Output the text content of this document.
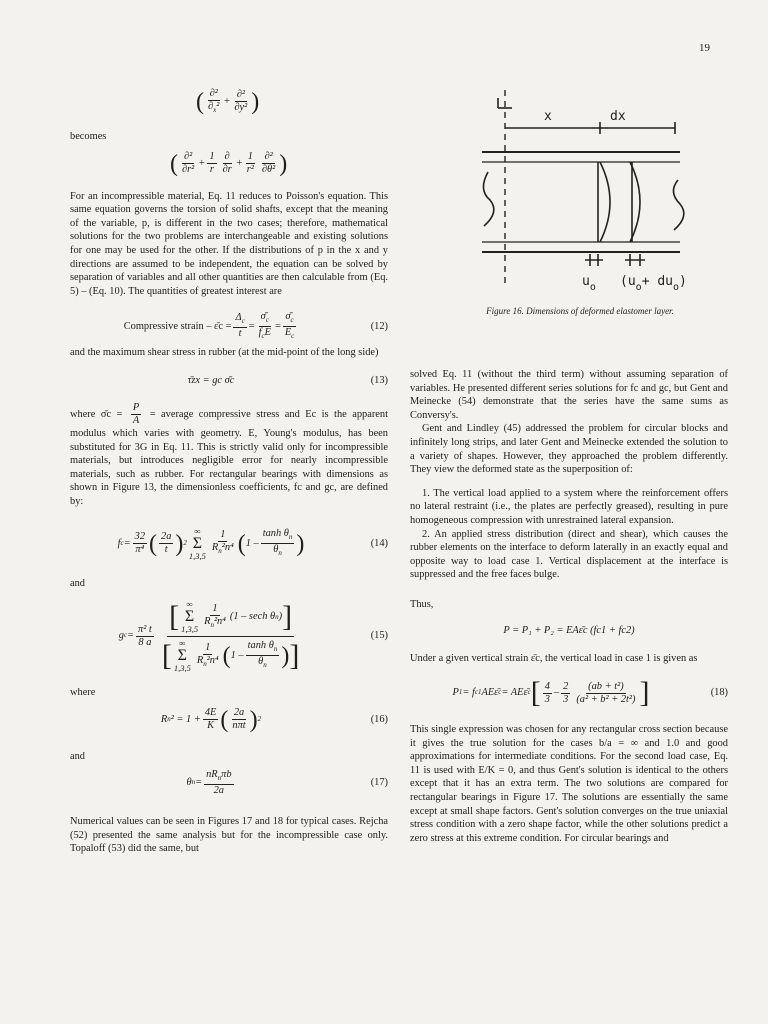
19
( $\frac{\text{∂²}}{\partial_x^2} + \frac{\text{∂²}}{\text{∂y²}}$ )

becomes

( $\frac{\text{∂²}}{\text{∂r²}} + \frac{1}{r} \frac{\partial}{\partial r} + \frac{1}{\text{r²}} \frac{\text{∂²}}{\text{∂θ²}}$ )

For an incompressible material, Eq. 11 reduces to Poisson's equation. This same equation governs the torsion of solid shafts, except that the meaning of the variable, p, is different in the two cases; therefore, mathematical solutions for the two problems are interchangeable and existing solutions for one may be used for the other. If the distributions of p in the x and y directions are assumed to be independent, the equation can be solved by separation of variables and all other quantities are then calculable from (Eq. 5) – (Eq. 10). The quantities of greatest interest are

Compressive strain – ε̄c = $\frac{\Delta_c}{t} = \frac{\sigmā_c}{f_cE} = \frac{\sigmā_c}{E_c}$	(12)

and the maximum shear stress in rubber (at the mid-point of the long side)

τ̄zx = gc σ̄c	(13)

where σ̄c = $\frac{P}{A}$ = average compressive stress and Ec is the apparent modulus which varies with geometry. E, Young's modulus, has been substituted for 3G in Eq. 11. This is strictly valid only for incompressible materials, but introduces negligible error for nearly incompressible materials, such as rubber. For rectangular bearings with dimensions as shown in Figure 13, the dimensionless coefficients, fc and gc, are defined by:

f $c = \frac{32}{\text{π⁴}}$ ( $\frac{2a}{t}$ ) 2
∞
Σ
$1,3,5 \frac{1}{R_n^2n^4}$ ( $1 - \frac{\tanh \theta_n}{\theta_n}$ )	(14)

and

g $c = \frac{\text{π² t}}{8 a}$
[ ∞
Σ
$1,3,5 \frac{1}{R_n^2n^4} (1$ – sech θ n ) ]
[ ∞
Σ
$1,3,5 \frac{1}{R_n^2n^4}$ ( $1 - \frac{\tanh \theta_n}{\theta_n}$ ) ]
(15)

where

R n $^2 = 1 + \frac{4E}{K}$ ( $\frac{2a}{\text{nπt}}$ ) 2	(16)

and

θ $n = \frac{nR_n\pi b}{2a}$	(17)

Numerical values can be seen in Figures 17 and 18 for typical cases. Rejcha (52) presented the same analysis but for the incompressible case only. Topaloff (53) did the same, but

x	dx
$u_o$ $(u_o+ du_o)$
Figure 16. Dimensions of deformed elastomer layer.

solved Eq. 11 (without the third term) without assuming separation of variables. He presented different series solutions for fc and gc, but Gent and Meinecke (54) demonstrate that the series have the same sums as Conversy's.

Gent and Lindley (45) addressed the problem for circular blocks and infinitely long strips, and later Gent and Meinecke extended the solution to a variety of shapes. However, they approached the problem differently. They view the deformed state as the superposition of:

1. The vertical load applied to a system where the reinforcement offers no lateral restraint (i.e., the plates are perfectly greased), resulting in pure homogeneous compression with unrestrained lateral expansion.

2. An applied stress distribution (direct and shear), which causes the rubber elements on the interface to deform laterally in an exactly equal and opposite way to load case 1. Vertical displacement at the interface is suppressed and the free faces bulge.

Thus,

P = P₁ + P₂ = EAε̄c (fc1 + fc2)

Under a given vertical strain ε̄c, the vertical load in case 1 is given as

P 1 = f c1 AEε̄ c = AEε̄ c [ $\frac{4}{3} - \frac{2}{3} \frac{\text{(ab + t²)}}{\text{(a² + b² + 2t²)}}$ ]	(18)

This single expression was chosen for any rectangular cross section because it gives the true solution for the cases b/a = ∞ and 1.0 and good approximations for intermediate conditions. For the second load case, Eq. 11 is used with E/K = 0, and thus Gent's solution is identical to the others except that it has an extra term. The two solutions are compared for rectangular bearings in Figure 17. The solutions are essentially the same except at small shape factors. Gent's solution converges on the true uniaxial stress condition with a zero shape factor, while the other solutions predict a zero stress at this extreme condition. For circular bearings and
